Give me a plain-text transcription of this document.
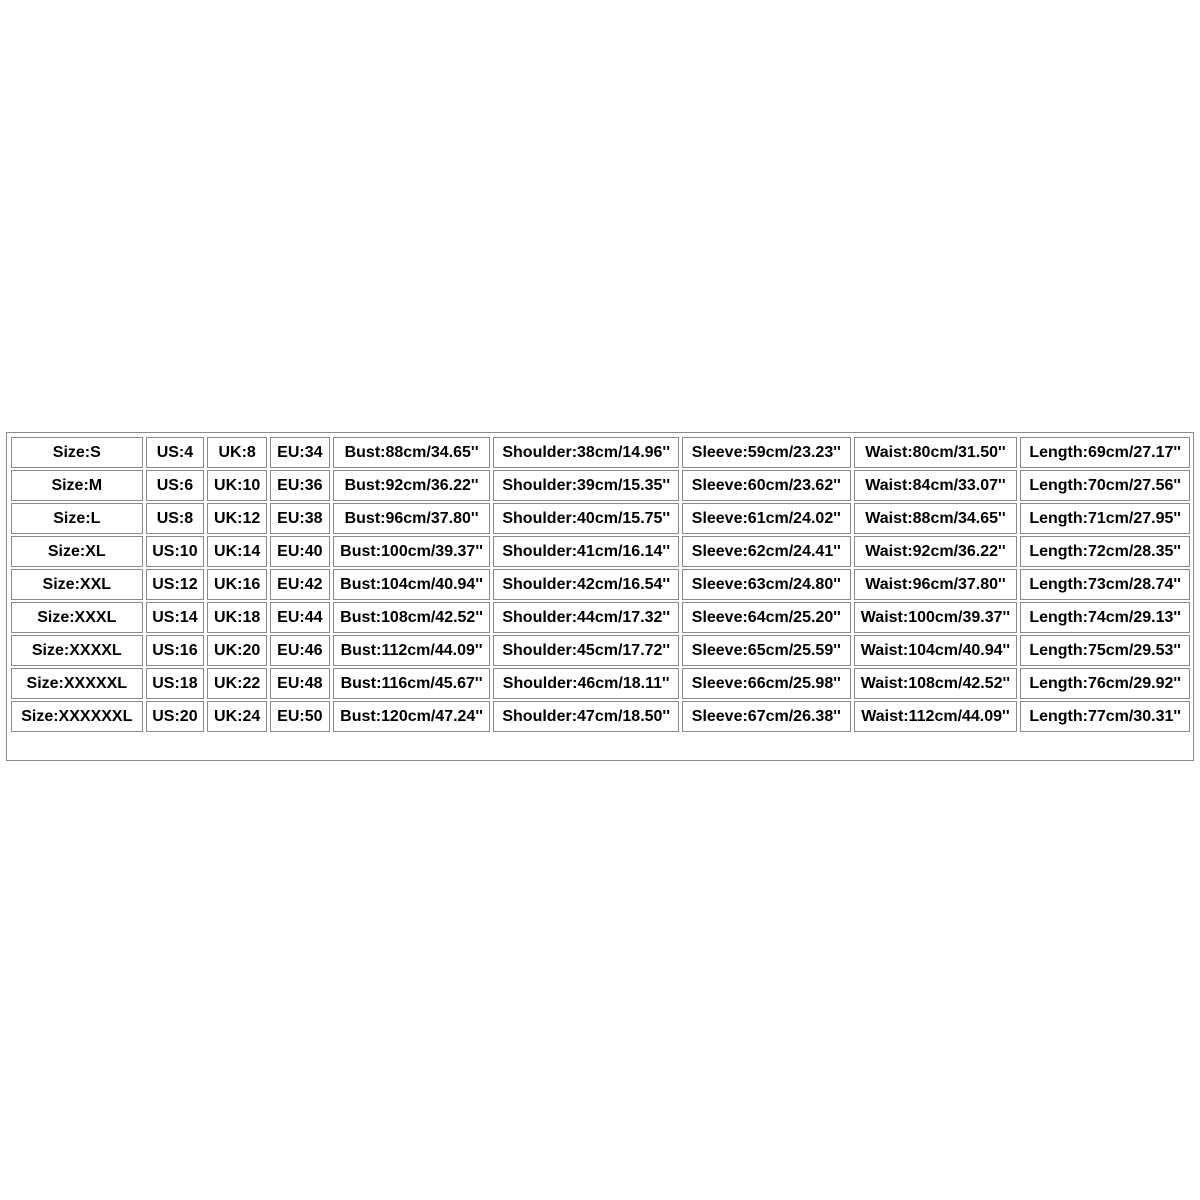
Size:S	US:4	UK:8	EU:34	Bust:88cm/34.65''	Shoulder:38cm/14.96''	Sleeve:59cm/23.23''	Waist:80cm/31.50''	Length:69cm/27.17''
Size:M	US:6	UK:10	EU:36	Bust:92cm/36.22''	Shoulder:39cm/15.35''	Sleeve:60cm/23.62''	Waist:84cm/33.07''	Length:70cm/27.56''
Size:L	US:8	UK:12	EU:38	Bust:96cm/37.80''	Shoulder:40cm/15.75''	Sleeve:61cm/24.02''	Waist:88cm/34.65''	Length:71cm/27.95''
Size:XL	US:10	UK:14	EU:40	Bust:100cm/39.37''	Shoulder:41cm/16.14''	Sleeve:62cm/24.41''	Waist:92cm/36.22''	Length:72cm/28.35''
Size:XXL	US:12	UK:16	EU:42	Bust:104cm/40.94''	Shoulder:42cm/16.54''	Sleeve:63cm/24.80''	Waist:96cm/37.80''	Length:73cm/28.74''
Size:XXXL	US:14	UK:18	EU:44	Bust:108cm/42.52''	Shoulder:44cm/17.32''	Sleeve:64cm/25.20''	Waist:100cm/39.37''	Length:74cm/29.13''
Size:XXXXL	US:16	UK:20	EU:46	Bust:112cm/44.09''	Shoulder:45cm/17.72''	Sleeve:65cm/25.59''	Waist:104cm/40.94''	Length:75cm/29.53''
Size:XXXXXL	US:18	UK:22	EU:48	Bust:116cm/45.67''	Shoulder:46cm/18.11''	Sleeve:66cm/25.98''	Waist:108cm/42.52''	Length:76cm/29.92''
Size:XXXXXXL	US:20	UK:24	EU:50	Bust:120cm/47.24''	Shoulder:47cm/18.50''	Sleeve:67cm/26.38''	Waist:112cm/44.09''	Length:77cm/30.31''
